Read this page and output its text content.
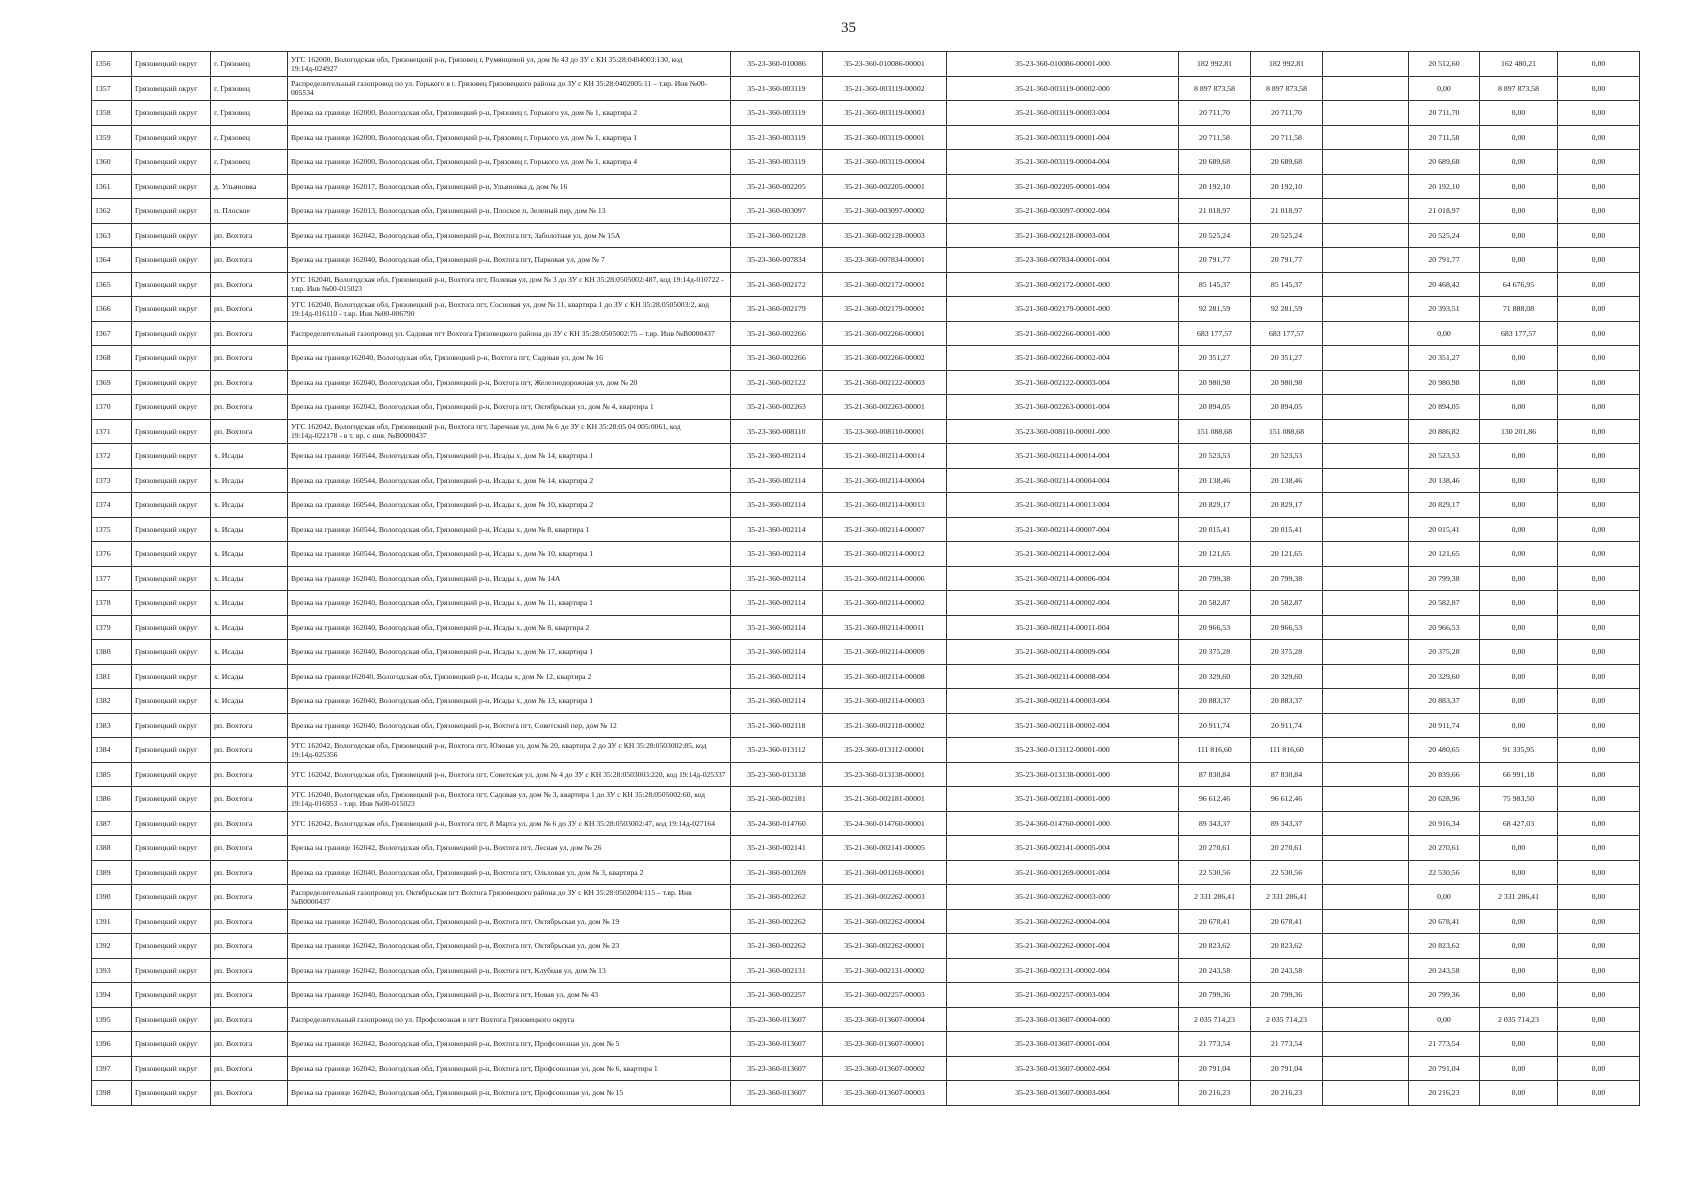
35
1356	Грязовецкий округ	г. Грязовец	УГС 162000, Вологодская обл, Грязовецкий р-н, Грязовец г, Румянцевой ул, дом № 43 до ЗУ с КН 35:28:0404003:130, код 19:14д-024927	35-23-360-010086	35-23-360-010086-00001	35-23-360-010086-00001-000	182 992,81	182 992,81		20 512,60	162 480,21	0,00
1357	Грязовецкий округ	г. Грязовец	Распределительный газопровод по ул. Горького в г. Грязовец Грязовецкого района до ЗУ с КН 35:28:0402005:11 – т.вр. Инв №00-005534	35-21-360-003119	35-21-360-003119-00002	35-21-360-003119-00002-000	8 897 873,58	8 897 873,58		0,00	8 897 873,58	0,00
1358	Грязовецкий округ	г. Грязовец	Врезка на границе 162000, Вологодская обл, Грязовецкий р-н, Грязовец г, Горького ул, дом № 1, квартира 2	35-21-360-003119	35-21-360-003119-00003	35-21-360-003119-00003-004	20 711,70	20 711,70		20 711,70	0,00	0,00
1359	Грязовецкий округ	г. Грязовец	Врезка на границе 162000, Вологодская обл, Грязовецкий р-н, Грязовец г, Горького ул, дом № 1, квартира 1	35-21-360-003119	35-21-360-003119-00001	35-21-360-003119-00001-004	20 711,58	20 711,58		20 711,58	0,00	0,00
1360	Грязовецкий округ	г. Грязовец	Врезка на границе 162000, Вологодская обл, Грязовецкий р-н, Грязовец г, Горького ул, дом № 1, квартира 4	35-21-360-003119	35-21-360-003119-00004	35-21-360-003119-00004-004	20 689,68	20 689,68		20 689,68	0,00	0,00
1361	Грязовецкий округ	д. Ульяновка	Врезка на границе 162017, Вологодская обл, Грязовецкий р-н, Ульяновка д, дом № 16	35-21-360-002205	35-21-360-002205-00001	35-21-360-002205-00001-004	20 192,10	20 192,10		20 192,10	0,00	0,00
1362	Грязовецкий округ	п. Плоское	Врезка на границе 162013, Вологодская обл, Грязовецкий р-н, Плоское п, Зеленый пер, дом № 13	35-21-360-003097	35-21-360-003097-00002	35-21-360-003097-00002-004	21 018,97	21 018,97		21 018,97	0,00	0,00
1363	Грязовецкий округ	рп. Вохтога	Врезка на границе 162042, Вологодская обл, Грязовецкий р-н, Вохтога пгт, Заболотная ул, дом № 15А	35-21-360-002128	35-21-360-002128-00003	35-21-360-002128-00003-004	20 525,24	20 525,24		20 525,24	0,00	0,00
1364	Грязовецкий округ	рп. Вохтога	Врезка на границе 162040, Вологодская обл, Грязовецкий р-н, Вохтога пгт, Парковая ул, дом № 7	35-23-360-007834	35-23-360-007834-00001	35-23-360-007834-00001-004	20 791,77	20 791,77		20 791,77	0,00	0,00
1365	Грязовецкий округ	рп. Вохтога	УГС 162040, Вологодская обл, Грязовецкий р-н, Вохтога пгт, Полевая ул, дом № 3 до ЗУ с КН 35:28:0505002:487, код 19:14д-010722 - т.вр. Инв №00-015023	35-21-360-002172	35-21-360-002172-00001	35-21-360-002172-00001-000	85 145,37	85 145,37		20 468,42	64 676,95	0,00
1366	Грязовецкий округ	рп. Вохтога	УГС 162040, Вологодская обл, Грязовецкий р-н, Вохтога пгт, Сосновая ул, дом № 11, квартира 1 до ЗУ с КН 35:28:0505003:2, код 19:14д-016110 - т.вр. Инв №00-006790	35-21-360-002179	35-21-360-002179-00001	35-21-360-002179-00001-000	92 281,59	92 281,59		20 393,51	71 888,08	0,00
1367	Грязовецкий округ	рп. Вохтога	Распределительный газопровод ул. Садовая пгт Вохтога Грязовецкого района до ЗУ с КН 35:28:0505002:75 – т.вр. Инв №В0000437	35-21-360-002266	35-21-360-002266-00001	35-21-360-002266-00001-000	683 177,57	683 177,57		0,00	683 177,57	0,00
1368	Грязовецкий округ	рп. Вохтога	Врезка на границе162040, Вологодская обл, Грязовецкий р-н, Вохтога пгт, Садовая ул, дом № 16	35-21-360-002266	35-21-360-002266-00002	35-21-360-002266-00002-004	20 351,27	20 351,27		20 351,27	0,00	0,00
1369	Грязовецкий округ	рп. Вохтога	Врезка на границе 162040, Вологодская обл, Грязовецкий р-н, Вохтога пгт, Железнодорожная ул, дом № 20	35-21-360-002122	35-21-360-002122-00003	35-21-360-002122-00003-004	20 980,98	20 980,98		20 980,98	0,00	0,00
1370	Грязовецкий округ	рп. Вохтога	Врезка на границе 162042, Вологодская обл, Грязовецкий р-н, Вохтога пгт, Октябрьская ул, дом № 4, квартира 1	35-21-360-002263	35-21-360-002263-00001	35-21-360-002263-00001-004	20 894,05	20 894,05		20 894,05	0,00	0,00
1371	Грязовецкий округ	рп. Вохтога	УГС 162042, Вологодская обл, Грязовецкий р-н, Вохтога пгт, Заречная ул, дом № 6 до ЗУ с КН 35:28:05 04 005:0061, код 19:14д-022178 - в т. вр. с инв. №В0000437	35-23-360-008110	35-23-360-008110-00001	35-23-360-008110-00001-000	151 088,68	151 088,68		20 886,82	130 201,86	0,00
1372	Грязовецкий округ	х. Исады	Врезка на границе 160544, Вологодская обл, Грязовецкий р-н, Исады х, дом № 14, квартира 1	35-21-360-002114	35-21-360-002114-00014	35-21-360-002114-00014-004	20 523,53	20 523,53		20 523,53	0,00	0,00
1373	Грязовецкий округ	х. Исады	Врезка на границе 160544, Вологодская обл, Грязовецкий р-н, Исады х, дом № 14, квартира 2	35-21-360-002114	35-21-360-002114-00004	35-21-360-002114-00004-004	20 138,46	20 138,46		20 138,46	0,00	0,00
1374	Грязовецкий округ	х. Исады	Врезка на границе 160544, Вологодская обл, Грязовецкий р-н, Исады х, дом № 10, квартира 2	35-21-360-002114	35-21-360-002114-00013	35-21-360-002114-00013-004	20 829,17	20 829,17		20 829,17	0,00	0,00
1375	Грязовецкий округ	х. Исады	Врезка на границе 160544, Вологодская обл, Грязовецкий р-н, Исады х, дом № 8, квартира 1	35-21-360-002114	35-21-360-002114-00007	35-21-360-002114-00007-004	20 015,41	20 015,41		20 015,41	0,00	0,00
1376	Грязовецкий округ	х. Исады	Врезка на границе 160544, Вологодская обл, Грязовецкий р-н, Исады х, дом № 10, квартира 1	35-21-360-002114	35-21-360-002114-00012	35-21-360-002114-00012-004	20 121,65	20 121,65		20 121,65	0,00	0,00
1377	Грязовецкий округ	х. Исады	Врезка на границе 162040, Вологодская обл, Грязовецкий р-н, Исады х, дом № 14А	35-21-360-002114	35-21-360-002114-00006	35-21-360-002114-00006-004	20 799,38	20 799,38		20 799,38	0,00	0,00
1378	Грязовецкий округ	х. Исады	Врезка на границе 162040, Вологодская обл, Грязовецкий р-н, Исады х, дом № 11, квартира 1	35-21-360-002114	35-21-360-002114-00002	35-21-360-002114-00002-004	20 582,87	20 582,87		20 582,87	0,00	0,00
1379	Грязовецкий округ	х. Исады	Врезка на границе 162040, Вологодская обл, Грязовецкий р-н, Исады х, дом № 8, квартира 2	35-21-360-002114	35-21-360-002114-00011	35-21-360-002114-00011-004	20 966,53	20 966,53		20 966,53	0,00	0,00
1380	Грязовецкий округ	х. Исады	Врезка на границе 162040, Вологодская обл, Грязовецкий р-н, Исады х, дом № 17, квартира 1	35-21-360-002114	35-21-360-002114-00009	35-21-360-002114-00009-004	20 375,28	20 375,28		20 375,28	0,00	0,00
1381	Грязовецкий округ	х. Исады	Врезка на границе162040, Вологодская обл, Грязовецкий р-н, Исады х, дом № 12, квартира 2	35-21-360-002114	35-21-360-002114-00008	35-21-360-002114-00008-004	20 329,60	20 329,60		20 329,60	0,00	0,00
1382	Грязовецкий округ	х. Исады	Врезка на границе 162040, Вологодская обл, Грязовецкий р-н, Исады х, дом № 13, квартира 1	35-21-360-002114	35-21-360-002114-00003	35-21-360-002114-00003-004	20 883,37	20 883,37		20 883,37	0,00	0,00
1383	Грязовецкий округ	рп. Вохтога	Врезка на границе 162040, Вологодская обл, Грязовецкий р-н, Вохтога пгт, Советский пер, дом № 12	35-21-360-002118	35-21-360-002118-00002	35-21-360-002118-00002-004	20 911,74	20 911,74		20 911,74	0,00	0,00
1384	Грязовецкий округ	рп. Вохтога	УГС 162042, Вологодская обл, Грязовецкий р-н, Вохтога пгт, Южная ул, дом № 20, квартира 2 до ЗУ с КН 35:28:0503002:85, код 19:14д-025356	35-23-360-013112	35-23-360-013112-00001	35-23-360-013112-00001-000	111 816,60	111 816,60		20 480,65	91 335,95	0,00
1385	Грязовецкий округ	рп. Вохтога	УГС 162042, Вологодская обл, Грязовецкий р-н, Вохтога пгт, Советская ул, дом № 4 до ЗУ с КН 35:28:0503003:220, код 19:14д-025337	35-23-360-013138	35-23-360-013138-00001	35-23-360-013138-00001-000	87 830,84	87 830,84		20 839,66	66 991,18	0,00
1386	Грязовецкий округ	рп. Вохтога	УГС 162040, Вологодская обл, Грязовецкий р-н, Вохтога пгт, Садовая ул, дом № 3, квартира 1 до ЗУ с КН 35:28:0505002:60, код 19:14д-016953 - т.вр. Инв №00-015023	35-21-360-002181	35-21-360-002181-00001	35-21-360-002181-00001-000	96 612,46	96 612,46		20 628,96	75 983,50	0,00
1387	Грязовецкий округ	рп. Вохтога	УГС 162042, Вологодская обл, Грязовецкий р-н, Вохтога пгт, 8 Марта ул, дом № 6 до ЗУ с КН 35:28:0503002:47, код 19:14д-027164	35-24-360-014760	35-24-360-014760-00001	35-24-360-014760-00001-000	89 343,37	89 343,37		20 916,34	68 427,03	0,00
1388	Грязовецкий округ	рп. Вохтога	Врезка на границе 162042, Вологодская обл, Грязовецкий р-н, Вохтога пгт, Лесная ул, дом № 26	35-21-360-002141	35-21-360-002141-00005	35-21-360-002141-00005-004	20 270,61	20 270,61		20 270,61	0,00	0,00
1389	Грязовецкий округ	рп. Вохтога	Врезка на границе 162040, Вологодская обл, Грязовецкий р-н, Вохтога пгт, Ольховая ул, дом № 3, квартира 2	35-21-360-001269	35-21-360-001269-00001	35-21-360-001269-00001-004	22 530,56	22 530,56		22 530,56	0,00	0,00
1390	Грязовецкий округ	рп. Вохтога	Распределительный газопровод ул. Октябрьская пгт Вохтога Грязовецкого района до ЗУ с КН 35:28:0502004:115 – т.вр. Инв №В0000437	35-21-360-002262	35-21-360-002262-00003	35-21-360-002262-00003-000	2 331 286,41	2 331 286,41		0,00	2 331 286,41	0,00
1391	Грязовецкий округ	рп. Вохтога	Врезка на границе 162040, Вологодская обл, Грязовецкий р-н, Вохтога пгт, Октябрьская ул, дом № 19	35-21-360-002262	35-21-360-002262-00004	35-21-360-002262-00004-004	20 678,41	20 678,41		20 678,41	0,00	0,00
1392	Грязовецкий округ	рп. Вохтога	Врезка на границе 162042, Вологодская обл, Грязовецкий р-н, Вохтога пгт, Октябрьская ул, дом № 23	35-21-360-002262	35-21-360-002262-00001	35-21-360-002262-00001-004	20 823,62	20 823,62		20 823,62	0,00	0,00
1393	Грязовецкий округ	рп. Вохтога	Врезка на границе 162042, Вологодская обл, Грязовецкий р-н, Вохтога пгт, Клубная ул, дом № 13	35-21-360-002131	35-21-360-002131-00002	35-21-360-002131-00002-004	20 243,58	20 243,58		20 243,58	0,00	0,00
1394	Грязовецкий округ	рп. Вохтога	Врезка на границе 162040, Вологодская обл, Грязовецкий р-н, Вохтога пгт, Новая ул, дом № 43	35-21-360-002257	35-21-360-002257-00003	35-21-360-002257-00003-004	20 799,36	20 799,36		20 799,36	0,00	0,00
1395	Грязовецкий округ	рп. Вохтога	Распределительный газопровод по ул. Профсоюзная в пгт Вохтога Грязовецкого округа	35-23-360-013607	35-23-360-013607-00004	35-23-360-013607-00004-000	2 035 714,23	2 035 714,23		0,00	2 035 714,23	0,00
1396	Грязовецкий округ	рп. Вохтога	Врезка на границе 162042, Вологодская обл, Грязовецкий р-н, Вохтога пгт, Профсоюзная ул, дом № 5	35-23-360-013607	35-23-360-013607-00001	35-23-360-013607-00001-004	21 773,54	21 773,54		21 773,54	0,00	0,00
1397	Грязовецкий округ	рп. Вохтога	Врезка на границе 162042, Вологодская обл, Грязовецкий р-н, Вохтога пгт, Профсоюзная ул, дом № 6, квартира 1	35-23-360-013607	35-23-360-013607-00002	35-23-360-013607-00002-004	20 791,04	20 791,04		20 791,04	0,00	0,00
1398	Грязовецкий округ	рп. Вохтога	Врезка на границе 162042, Вологодская обл, Грязовецкий р-н, Вохтога пгт, Профсоюзная ул, дом № 15	35-23-360-013607	35-23-360-013607-00003	35-23-360-013607-00003-004	20 216,23	20 216,23		20 216,23	0,00	0,00
